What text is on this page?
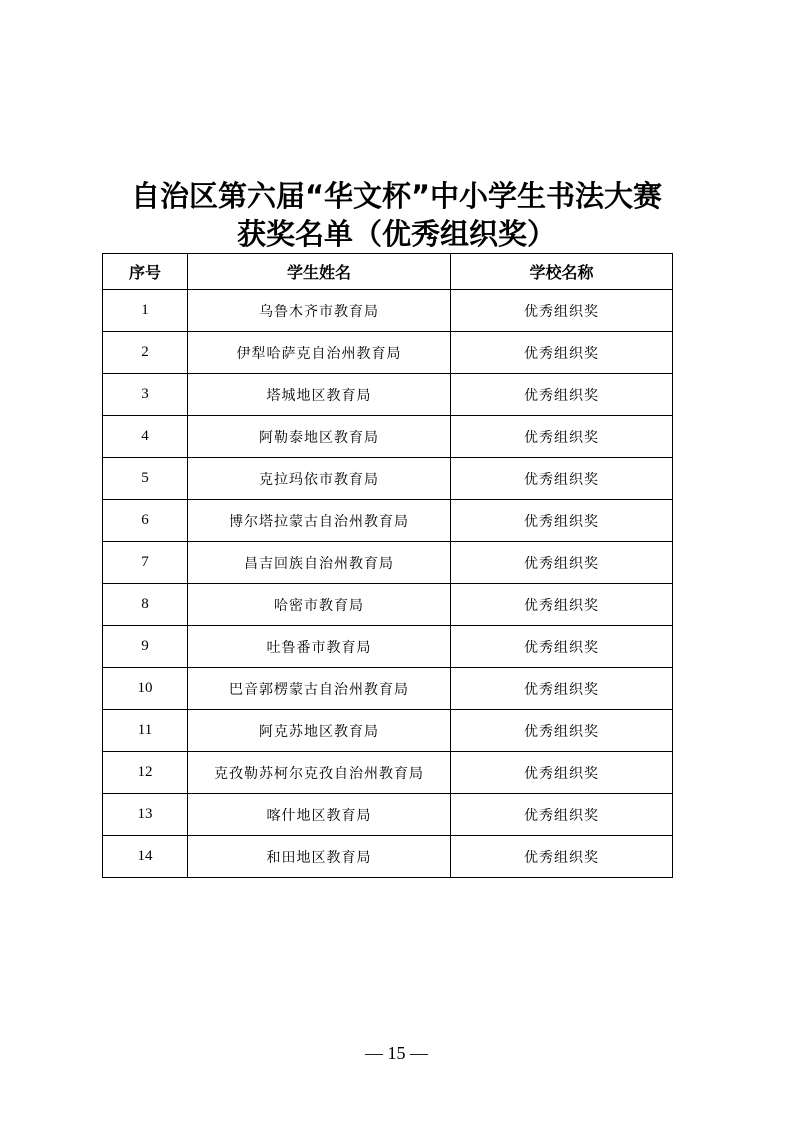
自治区第六届“华文杯”中小学生书法大赛
获奖名单（优秀组织奖）
序号	学生姓名	学校名称
1	乌鲁木齐市教育局	优秀组织奖
2	伊犁哈萨克自治州教育局	优秀组织奖
3	塔城地区教育局	优秀组织奖
4	阿勒泰地区教育局	优秀组织奖
5	克拉玛依市教育局	优秀组织奖
6	博尔塔拉蒙古自治州教育局	优秀组织奖
7	昌吉回族自治州教育局	优秀组织奖
8	哈密市教育局	优秀组织奖
9	吐鲁番市教育局	优秀组织奖
10	巴音郭楞蒙古自治州教育局	优秀组织奖
11	阿克苏地区教育局	优秀组织奖
12	克孜勒苏柯尔克孜自治州教育局	优秀组织奖
13	喀什地区教育局	优秀组织奖
14	和田地区教育局	优秀组织奖
— 15 —
